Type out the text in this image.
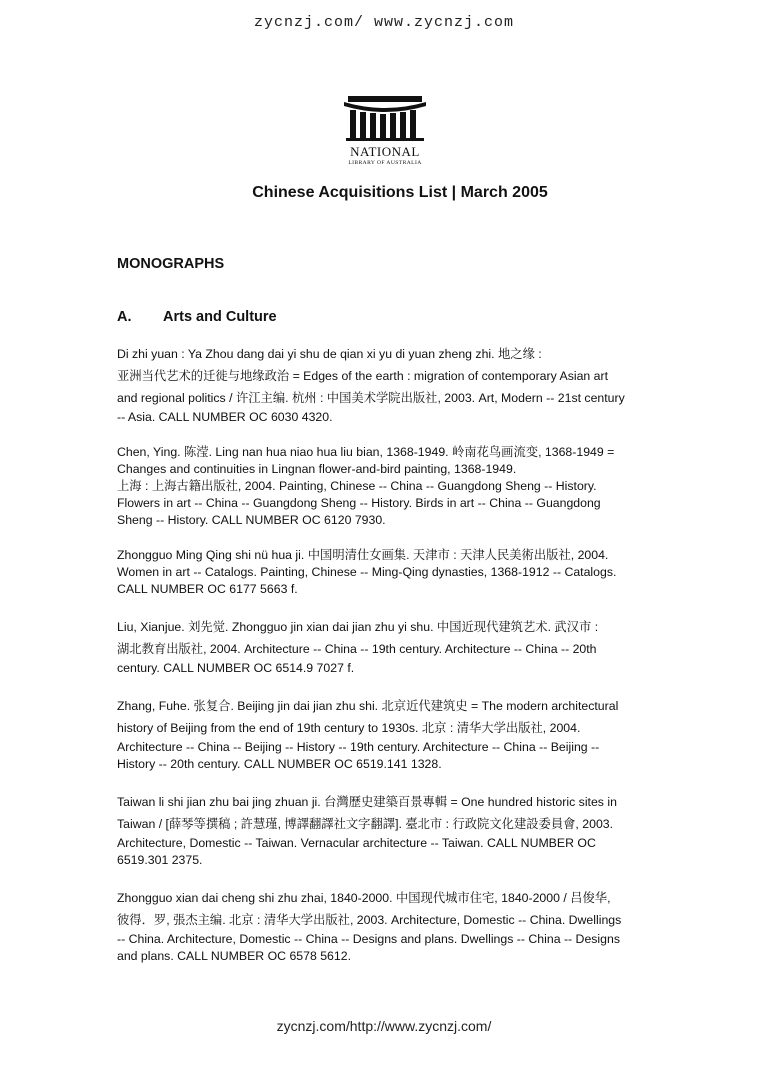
zycnzj.com/ www.zycnzj.com
NATIONAL
LIBRARY OF AUSTRALIA
Chinese Acquisitions List | March 2005
MONOGRAPHS
A. Arts and Culture
Di zhi yuan : Ya Zhou dang dai yi shu de qian xi yu di yuan zheng zhi. 地之缘 :
亚洲当代艺术的迁徙与地缘政治 = Edges of the earth : migration of contemporary Asian art
and regional politics / 许江主编. 杭州 : 中国美术学院出版社, 2003. Art, Modern -- 21st century
-- Asia. CALL NUMBER OC 6030 4320.
Chen, Ying. 陈滢. Ling nan hua niao hua liu bian, 1368-1949. 岭南花鸟画流变, 1368-1949 =
Changes and continuities in Lingnan flower-and-bird painting, 1368-1949.
上海 : 上海古籍出版社, 2004. Painting, Chinese -- China -- Guangdong Sheng -- History.
Flowers in art -- China -- Guangdong Sheng -- History. Birds in art -- China -- Guangdong
Sheng -- History. CALL NUMBER OC 6120 7930.
Zhongguo Ming Qing shi nü hua ji. 中国明清仕女画集. 天津市 : 天津人民美術出版社, 2004.
Women in art -- Catalogs. Painting, Chinese -- Ming-Qing dynasties, 1368-1912 -- Catalogs.
CALL NUMBER OC 6177 5663 f.
Liu, Xianjue. 刘先觉. Zhongguo jin xian dai jian zhu yi shu. 中国近现代建筑艺术. 武汉市 :
湖北教育出版社, 2004. Architecture -- China -- 19th century. Architecture -- China -- 20th
century. CALL NUMBER OC 6514.9 7027 f.
Zhang, Fuhe. 张复合. Beijing jin dai jian zhu shi. 北京近代建筑史 = The modern architectural
history of Beijing from the end of 19th century to 1930s. 北京 : 清华大学出版社, 2004.
Architecture -- China -- Beijing -- History -- 19th century. Architecture -- China -- Beijing --
History -- 20th century. CALL NUMBER OC 6519.141 1328.
Taiwan li shi jian zhu bai jing zhuan ji. 台灣歷史建築百景專輯 = One hundred historic sites in
Taiwan / [薛琴等撰稿 ; 許慧瑾, 博譯翻譯社文字翻譯]. 臺北市 : 行政院文化建設委員會, 2003.
Architecture, Domestic -- Taiwan. Vernacular architecture -- Taiwan. CALL NUMBER OC
6519.301 2375.
Zhongguo xian dai cheng shi zhu zhai, 1840-2000. 中国现代城市住宅, 1840-2000 / 吕俊华,
彼得．罗, 張杰主编. 北京 : 清华大学出版社, 2003. Architecture, Domestic -- China. Dwellings
-- China. Architecture, Domestic -- China -- Designs and plans. Dwellings -- China -- Designs
and plans. CALL NUMBER OC 6578 5612.
zycnzj.com/http://www.zycnzj.com/
